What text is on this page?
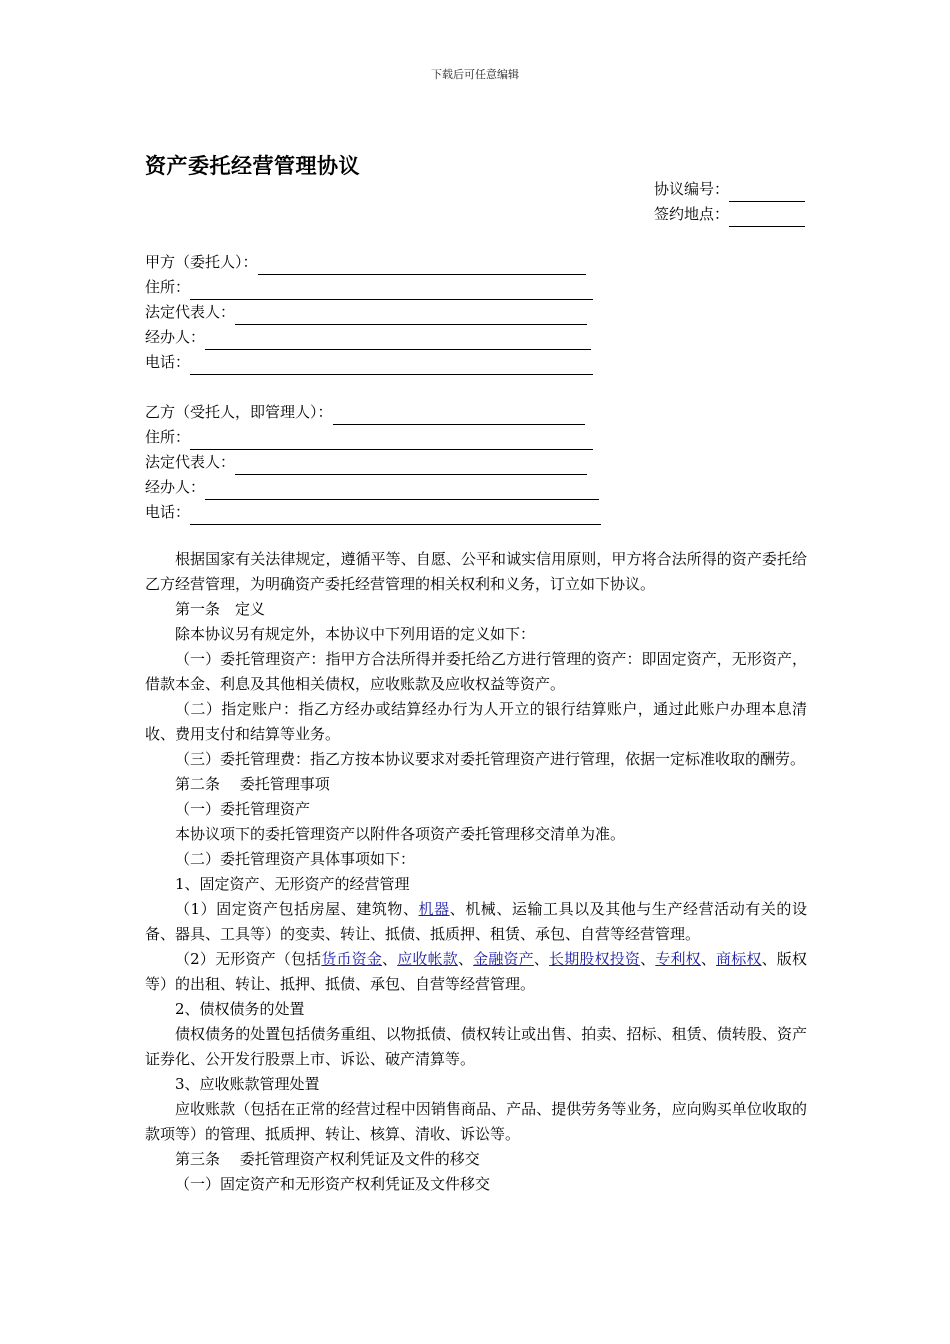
下载后可任意编辑
资产委托经营管理协议
协议编号：
签约地点：
甲方（委托人）：
住所：
法定代表人：
经办人：
电话：
乙方（受托人，即管理人）：
住所：
法定代表人：
经办人：
电话：

根据国家有关法律规定，遵循平等、自愿、公平和诚实信用原则，甲方将合法所得的资产委托给乙方经营管理，为明确资产委托经营管理的相关权利和义务，订立如下协议。

第一条　定义

除本协议另有规定外，本协议中下列用语的定义如下：

（一）委托管理资产：指甲方合法所得并委托给乙方进行管理的资产：即固定资产，无形资产，借款本金、利息及其他相关债权，应收账款及应收权益等资产。

（二）指定账户：指乙方经办或结算经办行为人开立的银行结算账户，通过此账户办理本息清收、费用支付和结算等业务。

（三）委托管理费：指乙方按本协议要求对委托管理资产进行管理，依据一定标准收取的酬劳。

第二条　 委托管理事项

（一）委托管理资产

本协议项下的委托管理资产以附件各项资产委托管理移交清单为准。

（二）委托管理资产具体事项如下：

1、固定资产、无形资产的经营管理

（1）固定资产包括房屋、建筑物、机器、机械、运输工具以及其他与生产经营活动有关的设备、器具、工具等）的变卖、转让、抵债、抵质押、租赁、承包、自营等经营管理。

（2）无形资产（包括货币资金、应收帐款、金融资产、长期股权投资、专利权、商标权、版权等）的出租、转让、抵押、抵债、承包、自营等经营管理。

2、债权债务的处置

债权债务的处置包括债务重组、以物抵债、债权转让或出售、拍卖、招标、租赁、债转股、资产证券化、公开发行股票上市、诉讼、破产清算等。

3、应收账款管理处置

应收账款（包括在正常的经营过程中因销售商品、产品、提供劳务等业务，应向购买单位收取的款项等）的管理、抵质押、转让、核算、清收、诉讼等。

第三条　 委托管理资产权利凭证及文件的移交

（一）固定资产和无形资产权利凭证及文件移交
